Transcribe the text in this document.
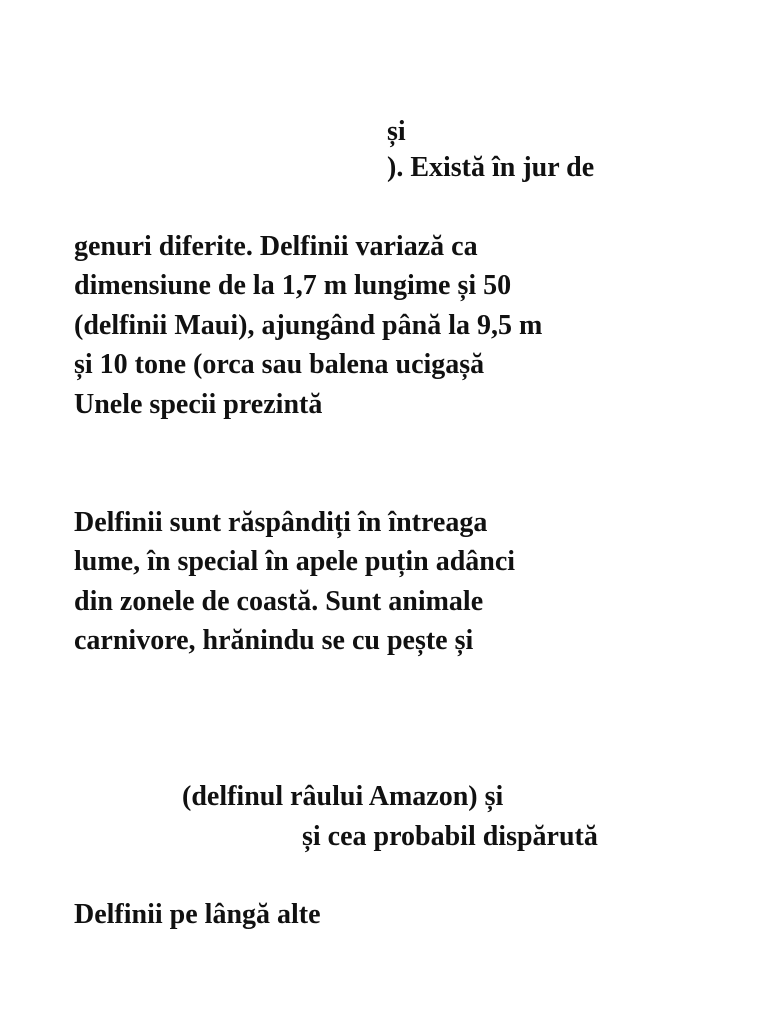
și
). Există în jur de
genuri diferite. Delfinii variază ca
dimensiune de la 1,7 m lungime și 50
(delfinii Maui), ajungând până la 9,5 m
și 10 tone (orca sau balena ucigașă
Unele specii prezintă
Delfinii sunt răspândiți în întreaga
lume, în special în apele puțin adânci
din zonele de coastă. Sunt animale
carnivore, hrănindu se cu pește și
(delfinul râului Amazon) și
și cea probabil dispărută
Delfinii pe lângă alte
